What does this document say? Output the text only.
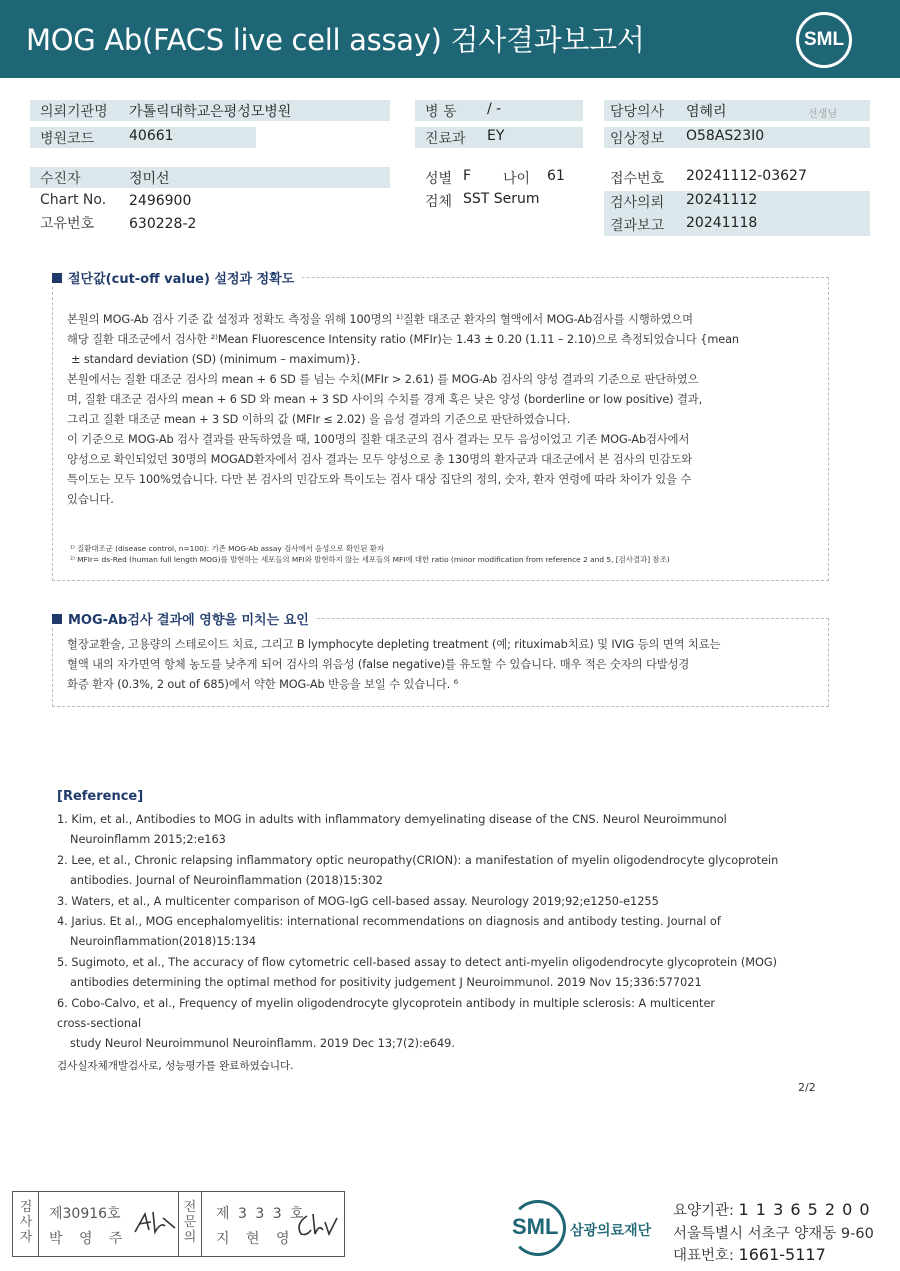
MOG Ab(FACS live cell assay) 검사결과보고서	SML
의뢰기관명 가톨릭대학교은평성모병원
병원코드 40661
병 동 / -
진료과 EY
담당의사 염혜리	선생님
임상정보 O58AS23I0
수진자	정미선
Chart No. 2496900
고유번호 630228-2
성별 F 나이 61
검체 SST Serum
접수번호 20241112-03627
검사의뢰 20241112
결과보고 20241118
절단값(cut-off value) 설정과 정확도

본원의 MOG-Ab 검사 기준 값 설정과 정확도 측정을 위해 100명의 ¹⁾질환 대조군 환자의 혈액에서 MOG-Ab검사를 시행하였으며

해당 질환 대조군에서 검사한 ²⁾Mean Fluorescence Intensity ratio (MFIr)는 1.43 ± 0.20 (1.11 – 2.10)으로 측정되었습니다 {mean

± standard deviation (SD) (minimum – maximum)}.

본원에서는 질환 대조군 검사의 mean + 6 SD 를 넘는 수치(MFIr > 2.61) 를 MOG-Ab 검사의 양성 결과의 기준으로 판단하였으

며, 질환 대조군 검사의 mean + 6 SD 와 mean + 3 SD 사이의 수치를 경계 혹은 낮은 양성 (borderline or low positive) 결과,

그리고 질환 대조군 mean + 3 SD 이하의 값 (MFIr ≤ 2.02) 을 음성 결과의 기준으로 판단하였습니다.

이 기준으로 MOG-Ab 검사 결과를 판독하였을 때, 100명의 질환 대조군의 검사 결과는 모두 음성이었고 기존 MOG-Ab검사에서

양성으로 확인되었던 30명의 MOGAD환자에서 검사 결과는 모두 양성으로 총 130명의 환자군과 대조군에서 본 검사의 민감도와

특이도는 모두 100%였습니다. 다만 본 검사의 민감도와 특이도는 검사 대상 집단의 정의, 숫자, 환자 연령에 따라 차이가 있을 수

있습니다.

¹⁾ 질환대조군 (disease control, n=100): 기존 MOG-Ab assay 검사에서 음성으로 확인된 환자

²⁾ MFIr= ds-Red (human full length MOG)를 발현하는 세포들의 MFI와 발현하지 않는 세포들의 MFI에 대한 ratio (minor modification from reference 2 and 5, [검사결과] 참조)

MOG-Ab검사 결과에 영향을 미치는 요인

혈장교환술, 고용량의 스테로이드 치료, 그리고 B lymphocyte depleting treatment (예; rituximab치료) 및 IVIG 등의 면역 치료는

혈액 내의 자가면역 항체 농도를 낮추게 되어 검사의 위음성 (false negative)를 유도할 수 있습니다. 매우 적은 숫자의 다발성경

화증 환자 (0.3%, 2 out of 685)에서 약한 MOG-Ab 반응을 보일 수 있습니다. ⁶

[Reference]

1. Kim, et al., Antibodies to MOG in adults with inflammatory demyelinating disease of the CNS. Neurol Neuroimmunol

Neuroinflamm 2015;2:e163

2. Lee, et al., Chronic relapsing inflammatory optic neuropathy(CRION): a manifestation of myelin oligodendrocyte glycoprotein

antibodies. Journal of Neuroinflammation (2018)15:302

3. Waters, et al., A multicenter comparison of MOG-IgG cell-based assay. Neurology 2019;92;e1250-e1255

4. Jarius. Et al., MOG encephalomyelitis: international recommendations on diagnosis and antibody testing. Journal of

Neuroinflammation(2018)15:134

5. Sugimoto, et al., The accuracy of flow cytometric cell-based assay to detect anti-myelin oligodendrocyte glycoprotein (MOG)

antibodies determining the optimal method for positivity judgement J Neuroimmunol. 2019 Nov 15;336:577021

6. Cobo-Calvo, et al., Frequency of myelin oligodendrocyte glycoprotein antibody in multiple sclerosis: A multicenter

cross-sectional

study Neurol Neuroimmunol Neuroinflamm. 2019 Dec 13;7(2):e649.

검사실자체개발검사로, 성능평가를 완료하였습니다.
2/2
검
사
자
제30916호
박 영 주
전
문
의
제 3 3 3 호
지 현 영	SML 삼광의료재단
요양기관: 1 1 3 6 5 2 0 0
서울특별시 서초구 양재동 9-60
대표번호: 1661-5117
